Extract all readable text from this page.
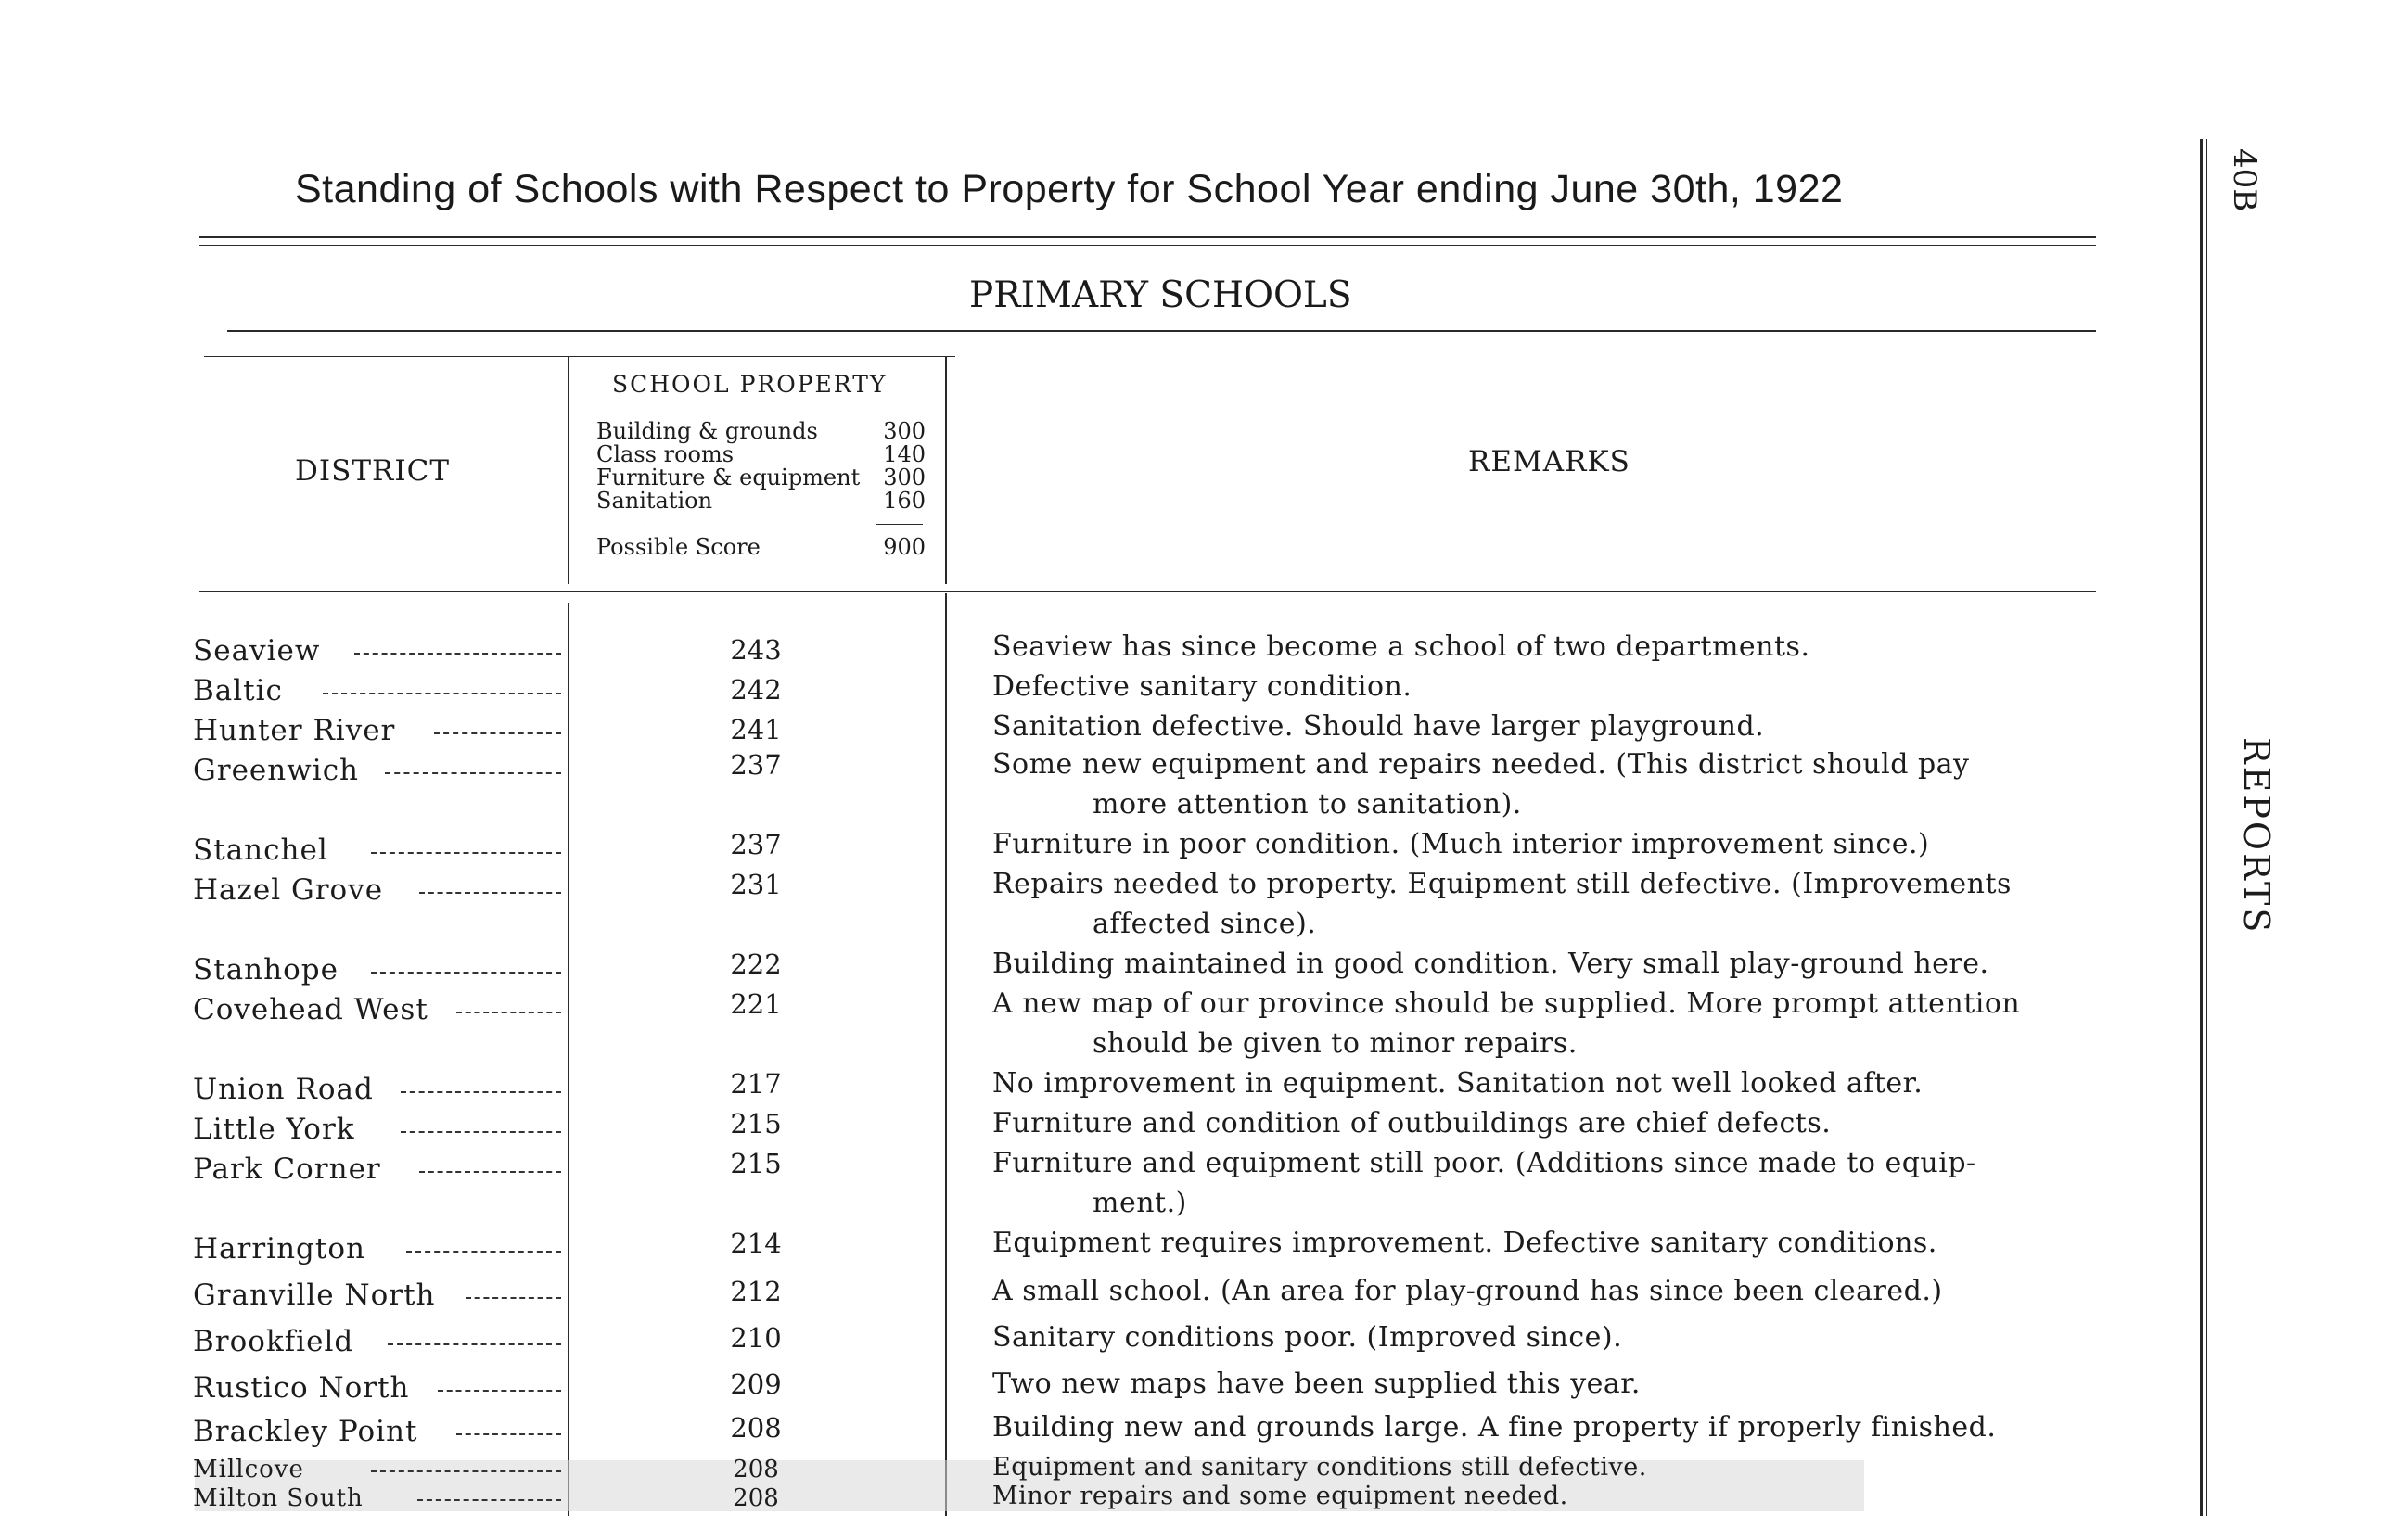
Standing of Schools with Respect to Property for School Year ending June 30th, 1922
PRIMARY SCHOOLS
DISTRICT
SCHOOL PROPERTY
REMARKS
Building & grounds	300
Class rooms	140
Furniture & equipment 300
Sanitation	160
Possible Score	900
Seaview	243	Seaview has since become a school of two departments.
Baltic	242	Defective sanitary condition.
Hunter River	241	Sanitation defective. Should have larger playground.
Greenwich	237	Some new equipment and repairs needed. (This district should pay
more attention to sanitation).
Stanchel	237	Furniture in poor condition. (Much interior improvement since.)
Hazel Grove	231	Repairs needed to property. Equipment still defective. (Improvements
affected since).
Stanhope	222	Building maintained in good condition. Very small play-ground here.
Covehead West	221	A new map of our province should be supplied. More prompt attention
should be given to minor repairs.
Union Road	217	No improvement in equipment. Sanitation not well looked after.
Little York	215	Furniture and condition of outbuildings are chief defects.
Park Corner	215	Furniture and equipment still poor. (Additions since made to equip-
ment.)
Harrington	214	Equipment requires improvement. Defective sanitary conditions.
Granville North	212	A small school. (An area for play-ground has since been cleared.)
Brookfield	210	Sanitary conditions poor. (Improved since).
Rustico North	209	Two new maps have been supplied this year.
Brackley Point	208	Building new and grounds large. A fine property if properly finished.
Millcove	208	Equipment and sanitary conditions still defective.
Milton South	208	Minor repairs and some equipment needed.
40B
REPORTS
